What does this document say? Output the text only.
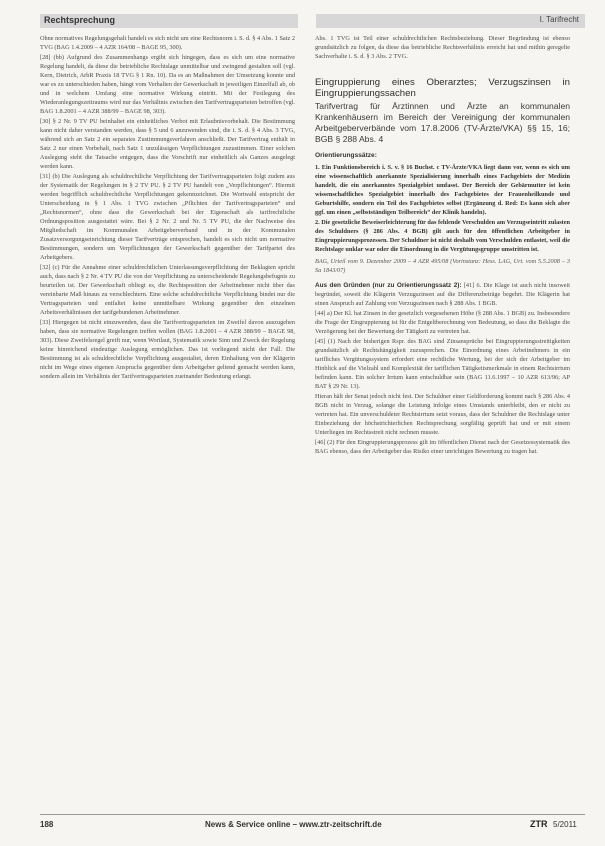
Rechtsprechung	I. Tarifrecht

Ohne normatives Regelungsgehalt handelt es sich nicht um eine Rechtsnorm i. S. d. § 4 Abs. 1 Satz 2 TVG (BAG 1.4.2009 – 4 AZR 164/08 – BAGE 95, 300).

[28] (bb) Aufgrund des Zusammenhangs ergibt sich hingegen, dass es sich um eine normative Regelung handelt, da diese die betriebliche Rechtslage unmittelbar und zwingend gestalten soll (vgl. Kern, Dietrich, ArbR Praxis 18 TVG § 1 Rn. 10). Da es an Maßnahmen der Umsetzung konnte und war es zu unterschieden haben, hängt vom Verhalten der Gewerkschaft in jeweiligen Einzelfall ab, ob und in welchem Umfang eine normative Wirkung eintritt. Mit der Festlegung des Wiederanlegungszeitraums wird nur das Verhältnis zwischen den Tarifvertragsparteien betroffen (vgl. BAG 1.8.2001 – 4 AZR 388/99 – BAGE 98, 303).

[30] § 2 Nr. 9 TV PU beinhaltet ein einheitliches Verbot mit Erlaubnisvorbehalt. Die Bestimmung kann nicht daher verstanden werden, dass § 5 und 6 anzuwenden sind, die i. S. d. § 4 Abs. 3 TVG, während sich an Satz 2 ein separates Zustimmungsverfahren anschließt. Der Tarifvertrag enthält in Satz 2 nur einen Vorbehalt, nach Satz 1 unzulässigen Verpflichtungen zuzustimmen. Einer solchen Auslegung steht die Tatsache entgegen, dass die Vorschrift nur einheitlich als Ganzes ausgelegt werden kann.

[31] (b) Die Auslegung als schuldrechtliche Verpflichtung der Tarifvertragsparteien folgt zudem aus der Systematik der Regelungen in § 2 TV PU. § 2 TV PU handelt von „Verpflichtungen“. Hiermit werden begrifflich schuldrechtliche Verpflichtungen gekennzeichnet. Die Wortwahl entspricht der Unterscheidung in § 1 Abs. 1 TVG zwischen „Pflichten der Tarifvertragsparteien“ und „Rechtsnormen“, ohne dass die Gewerkschaft bei der Eigenschaft als tarifrechtliche Ordnungsposition ausgestattet wäre. Bei § 2 Nr. 2 und Nr. 5 TV PU, die der Nachweise des Mitgliedschaft im Kommunalen Arbeitgeberverband und in der Kommunalen Zusatzversorgungseinrichtung dieser Tarifverträge entsprechen, handelt es sich nicht um normative Bestimmungen, sondern um Verpflichtungen der Gewerkschaft gegenüber der Tarifpartei des Arbeitgebers.

[32] (c) Für die Annahme einer schuldrechtlichen Unterlassungsverpflichtung der Beklagten spricht auch, dass nach § 2 Nr. 4 TV PU die von der Verpflichtung zu unterscheidende Regelungsbefugnis zu beurteilen ist. Der Gewerkschaft obliegt es, die Rechtsposition der Arbeitnehmer nicht über das vereinbarte Maß hinaus zu verschlechtern. Eine solche schuldrechtliche Verpflichtung bindet nur die Vertragsparteien und entfaltet keine unmittelbare Wirkung gegenüber den einzelnen Arbeitsverhältnissen der tarifgebundenen Arbeitnehmer.

[33] Hiergegen ist nicht einzuwenden, dass die Tarifvertragsparteien im Zweifel davon auszugehen haben, dass sie normative Regelungen treffen wollen (BAG 1.8.2001 – 4 AZR 388/99 – BAGE 98, 303). Diese Zweifelsregel greift nur, wenn Wortlaut, Systematik sowie Sinn und Zweck der Regelung keine hinreichend eindeutige Auslegung ermöglichen. Das ist vorliegend nicht der Fall. Die Bestimmung ist als schuldrechtliche Verpflichtung ausgestaltet, deren Einhaltung von der Klägerin nicht im Wege eines eigenen Anspruchs gegenüber dem Arbeitgeber geltend gemacht werden kann, sondern allein im Verhältnis der Tarifvertragsparteien zueinander Bedeutung erlangt.

Abs. 1 TVG ist Teil einer schuldrechtlichen Rechtsbeziehung. Dieser Begründung ist ebenso grundsätzlich zu folgen, da diese das betriebliche Rechtsverhältnis erreicht hat und mithin geregelte Sachverhalte i. S. d. § 3 Abs. 2 TVG.

Eingruppierung eines Oberarztes; Verzugszinsen in Eingruppierungssachen
Tarifvertrag für Ärztinnen und Ärzte an kommunalen Krankenhäusern im Bereich der Vereinigung der kommunalen Arbeitgeberverbände vom 17.8.2006 (TV-Ärzte/VKA) §§ 15, 16; BGB § 288 Abs. 4
Orientierungssätze:

1. Ein Funktionsbereich i. S. v. § 16 Buchst. c TV-Ärzte/VKA liegt dann vor, wenn es sich um eine wissenschaftlich anerkannte Spezialisierung innerhalb eines Fachgebiets der Medizin handelt, die ein anerkanntes Spezialgebiet umfasst. Der Bereich der Gebärmutter ist kein wissenschaftliches Spezialgebiet innerhalb des Fachgebietes der Frauenheilkunde und Geburtshilfe, sondern ein Teil des Fachgebietes selbst (Ergänzung d. Red: Es kann sich aber ggf. um einen „selbstständigen Teilbereich“ der Klinik handeln).

2. Die gesetzliche Beweiserleichterung für das fehlende Verschulden am Verzugseintritt zulasten des Schuldners (§ 286 Abs. 4 BGB) gilt auch für den öffentlichen Arbeitgeber in Eingruppierungsprozessen. Der Schuldner ist nicht deshalb vom Verschulden entlastet, weil die Rechtslage unklar war oder die Einordnung in die Vergütungsgruppe umstritten ist.

BAG, Urteil vom 9. Dezember 2009 – 4 AZR 495/08 (Vorinstanz: Hess. LAG, Urt. vom 5.5.2008 – 3 Sa 1843/07)

Aus den Gründen (nur zu Orientierungssatz 2): [41] 6. Die Klage ist auch nicht insoweit begründet, soweit die Klägerin Verzugszinsen auf die Differenzbeträge begehrt. Die Klägerin hat einen Anspruch auf Zahlung von Verzugszinsen nach § 288 Abs. 1 BGB.

[44] a) Der Kl. hat Zinsen in der gesetzlich vorgesehenen Höhe (§ 288 Abs. 1 BGB) zu. Insbesondere die Frage der Eingruppierung ist für die Entgeltberechnung von Bedeutung, so dass die Beklagte die Verzögerung bei der Bewertung der Tätigkeit zu vertreten hat.

[45] (1) Nach der bisherigen Rspr. des BAG sind Zinsansprüche bei Eingruppierungsstreitigkeiten grundsätzlich ab Rechtshängigkeit zuzusprechen. Die Einordnung eines Arbeitnehmers in ein tarifliches Vergütungssystem erfordert eine rechtliche Wertung, bei der sich der Arbeitgeber im Hinblick auf die Vielzahl und Komplexität der tariflichen Tätigkeitsmerkmale in einem Rechtsirrtum befinden kann. Ein solcher Irrtum kann entschuldbar sein (BAG 11.6.1997 – 10 AZR 613/96; AP BAT § 29 Nr. 13).

Hieran hält der Senat jedoch nicht fest. Der Schuldner einer Geldforderung kommt nach § 286 Abs. 4 BGB nicht in Verzug, solange die Leistung infolge eines Umstands unterbleibt, den er nicht zu vertreten hat. Ein unverschuldeter Rechtsirrtum setzt voraus, dass der Schuldner die Rechtslage unter Einbeziehung der höchstrichterlichen Rechtsprechung sorgfältig geprüft hat und er mit einem Unterliegen im Rechtsstreit nicht rechnen musste.

[46] (2) Für den Eingruppierungsprozess gilt im öffentlichen Dienst nach der Gesetzessystematik des BAG ebenso, dass der Arbeitgeber das Risiko einer unrichtigen Bewertung zu tragen hat.

188	News & Service online – www.ztr-zeitschrift.de	ZTR 5/2011
